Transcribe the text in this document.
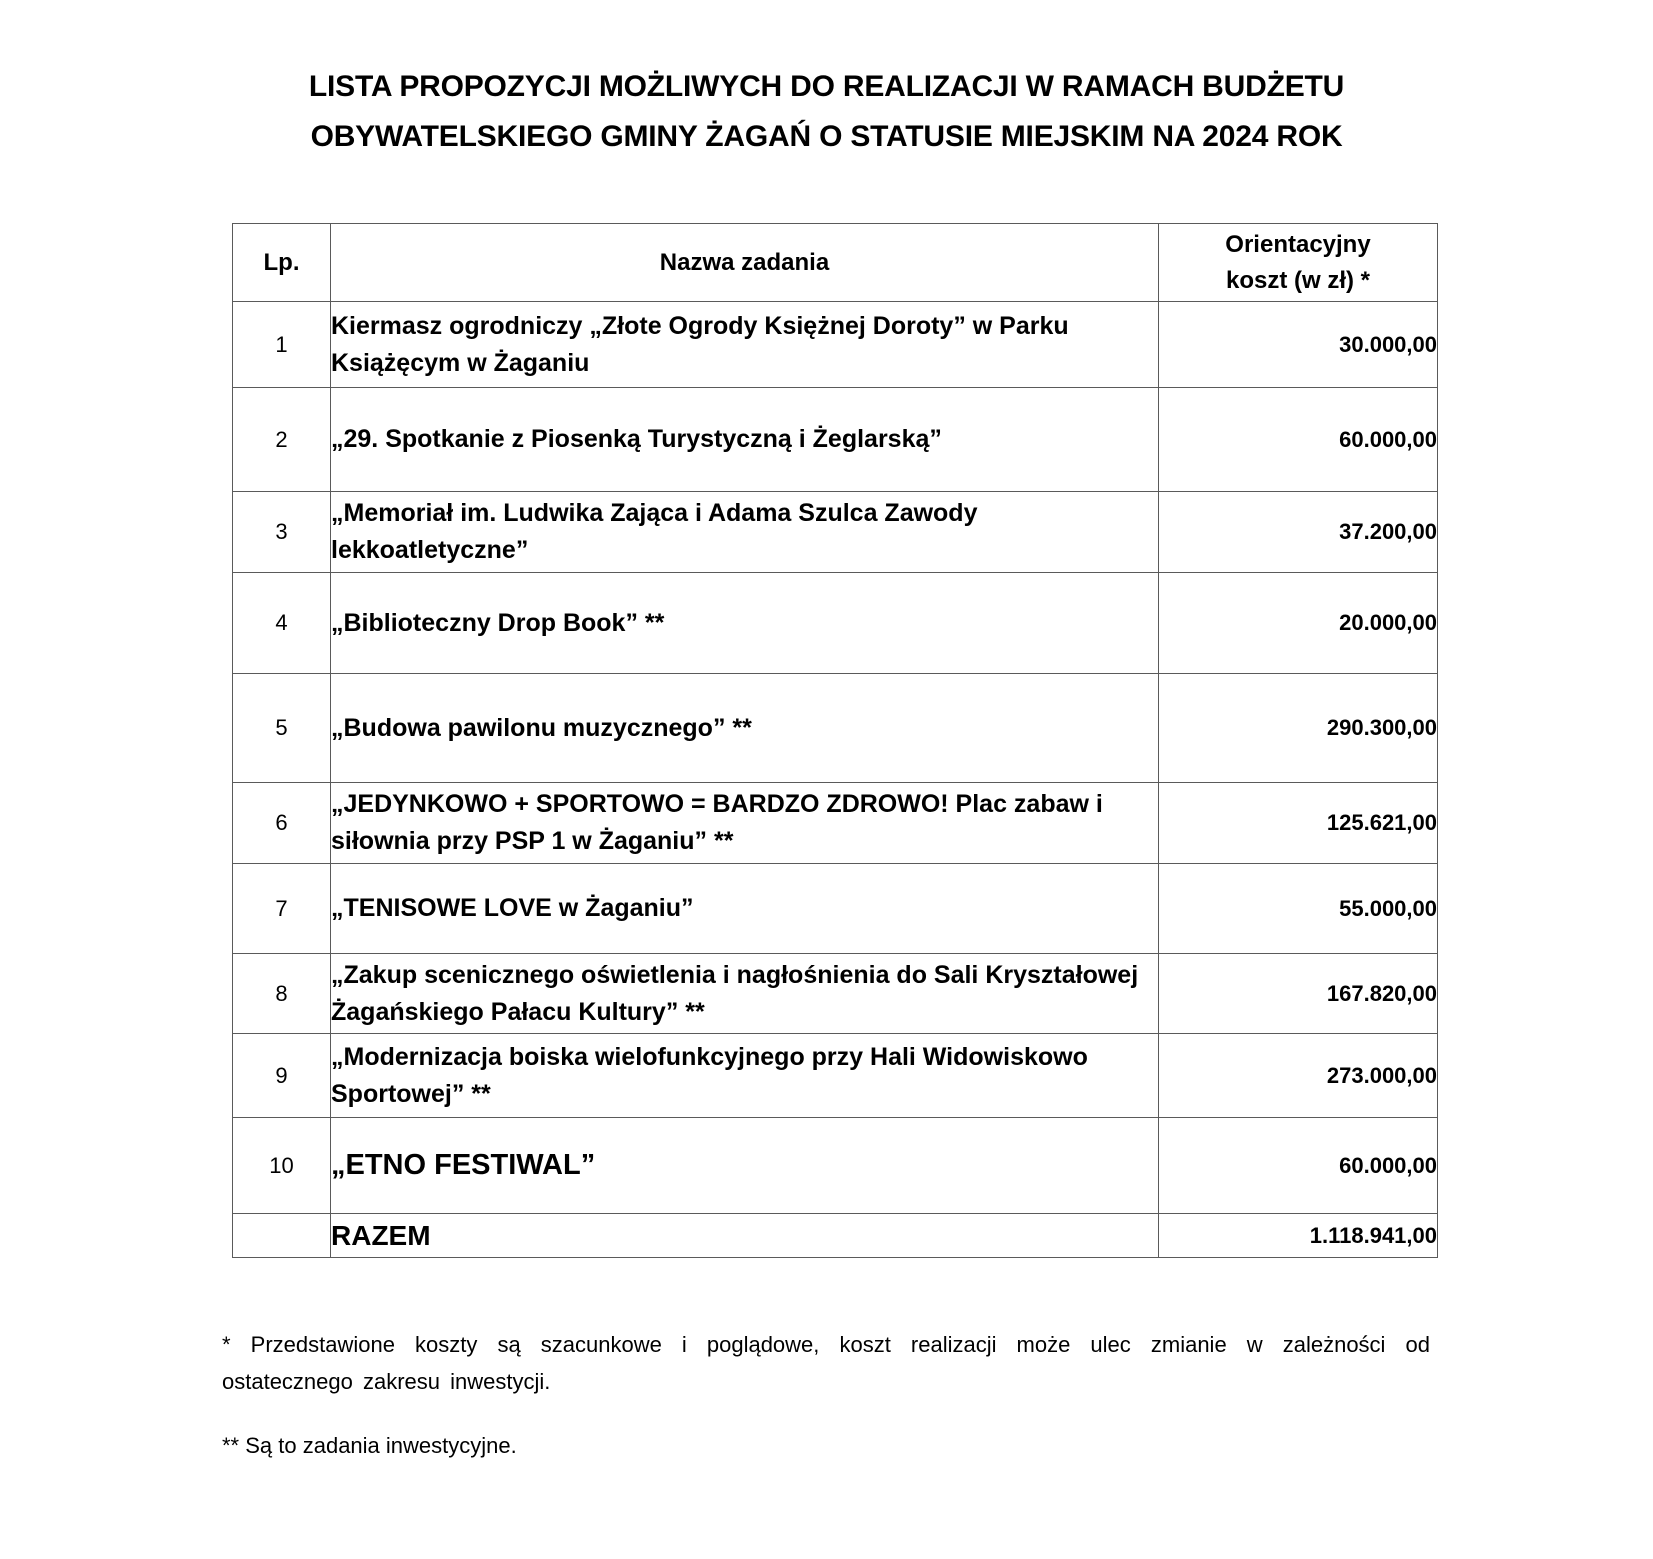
LISTA PROPOZYCJI MOŻLIWYCH DO REALIZACJI W RAMACH BUDŻETU
OBYWATELSKIEGO GMINY ŻAGAŃ O STATUSIE MIEJSKIM NA 2024 ROK
Lp.	Nazwa zadania	Orientacyjny
koszt (w zł) *

1	Kiermasz ogrodniczy „Złote Ogrody Księżnej Doroty” w Parku Książęcym w Żaganiu	30.000,00
2	„29. Spotkanie z Piosenką Turystyczną i Żeglarską”	60.000,00
3	„Memoriał im. Ludwika Zająca i Adama Szulca Zawody lekkoatletyczne”	37.200,00
4	„Biblioteczny Drop Book” **	20.000,00
5	„Budowa pawilonu muzycznego” **	290.300,00
6	„JEDYNKOWO + SPORTOWO = BARDZO ZDROWO! Plac zabaw i siłownia przy PSP 1 w Żaganiu” **	125.621,00
7	„TENISOWE LOVE w Żaganiu”	55.000,00
8	„Zakup scenicznego oświetlenia i nagłośnienia do Sali Kryształowej Żagańskiego Pałacu Kultury” **	167.820,00
9	„Modernizacja boiska wielofunkcyjnego przy Hali Widowiskowo Sportowej” **	273.000,00
10	„ETNO FESTIWAL”	60.000,00
	RAZEM	1.118.941,00
* Przedstawione koszty są szacunkowe i poglądowe, koszt realizacji może ulec zmianie w zależności od ostatecznego zakresu inwestycji.
** Są to zadania inwestycyjne.
